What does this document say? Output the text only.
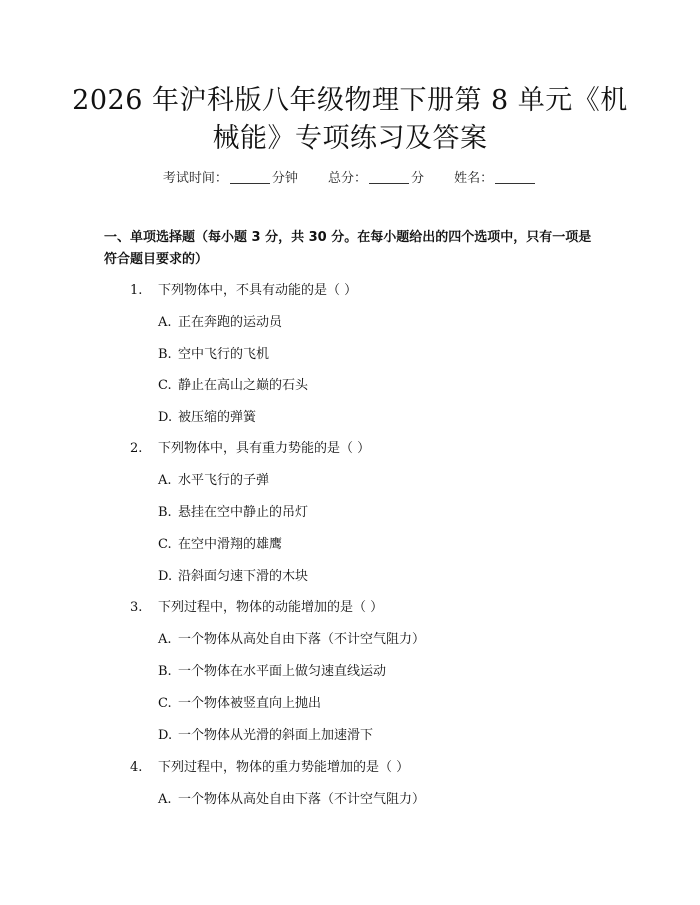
2026 年沪科版八年级物理下册第 8 单元《机
械能》专项练习及答案
考试时间：	分钟 总分：	分 姓名：
一、单项选择题（每小题 3 分，共 30 分。在每小题给出的四个选项中，只有一项是符合题目要求的）
1. 下列物体中，不具有动能的是（ ）
A. 正在奔跑的运动员
B. 空中飞行的飞机
C. 静止在高山之巅的石头
D. 被压缩的弹簧
2. 下列物体中，具有重力势能的是（ ）
A. 水平飞行的子弹
B. 悬挂在空中静止的吊灯
C. 在空中滑翔的雄鹰
D. 沿斜面匀速下滑的木块
3. 下列过程中，物体的动能增加的是（ ）
A. 一个物体从高处自由下落（不计空气阻力）
B. 一个物体在水平面上做匀速直线运动
C. 一个物体被竖直向上抛出
D. 一个物体从光滑的斜面上加速滑下
4. 下列过程中，物体的重力势能增加的是（ ）
A. 一个物体从高处自由下落（不计空气阻力）
